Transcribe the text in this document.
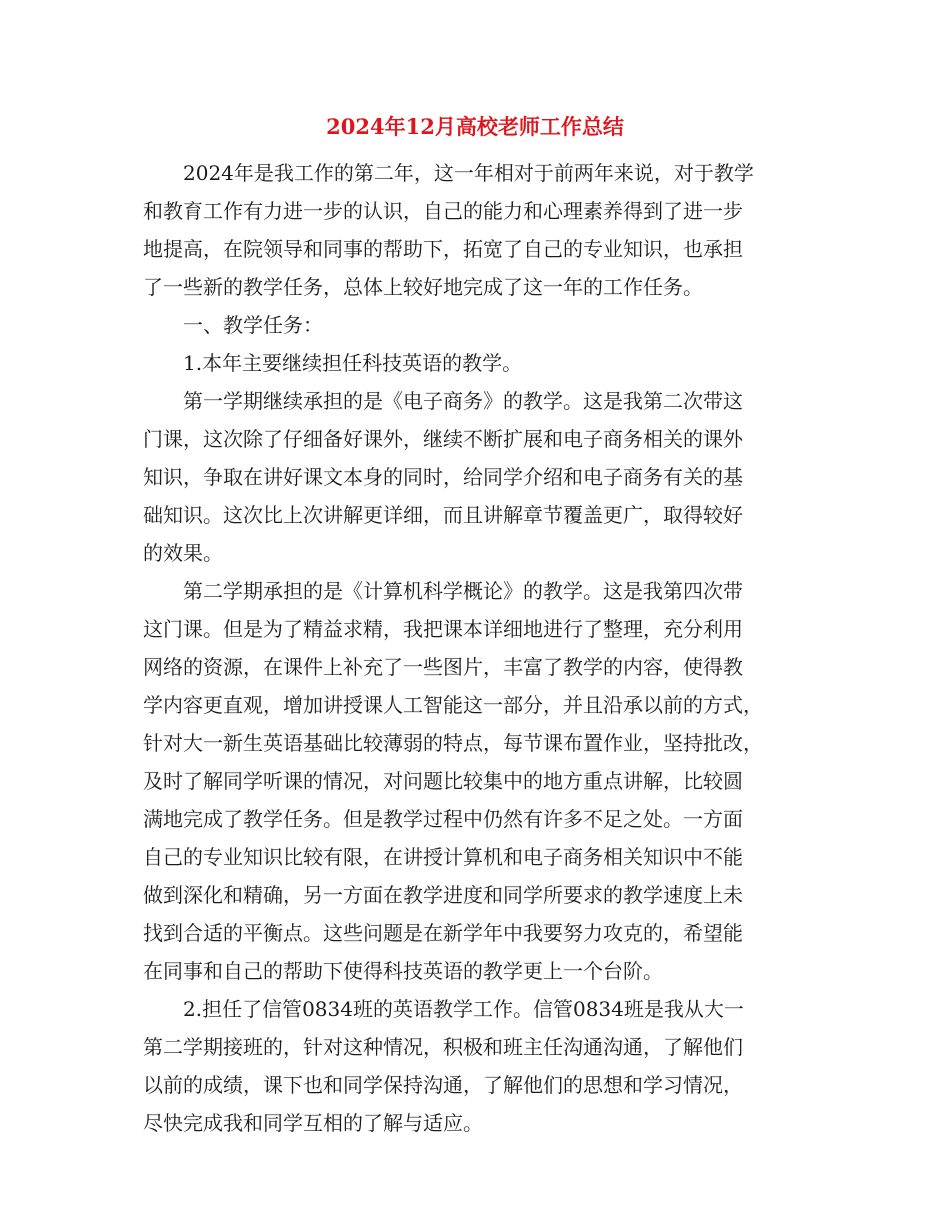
2024年12月高校老师工作总结
2024年是我工作的第二年，这一年相对于前两年来说，对于教学
和教育工作有力进一步的认识，自己的能力和心理素养得到了进一步
地提高，在院领导和同事的帮助下，拓宽了自己的专业知识，也承担
了一些新的教学任务，总体上较好地完成了这一年的工作任务。
一、教学任务：
1.本年主要继续担任科技英语的教学。
第一学期继续承担的是《电子商务》的教学。这是我第二次带这
门课，这次除了仔细备好课外，继续不断扩展和电子商务相关的课外
知识，争取在讲好课文本身的同时，给同学介绍和电子商务有关的基
础知识。这次比上次讲解更详细，而且讲解章节覆盖更广，取得较好
的效果。
第二学期承担的是《计算机科学概论》的教学。这是我第四次带
这门课。但是为了精益求精，我把课本详细地进行了整理，充分利用
网络的资源，在课件上补充了一些图片，丰富了教学的内容，使得教
学内容更直观，增加讲授课人工智能这一部分，并且沿承以前的方式，
针对大一新生英语基础比较薄弱的特点，每节课布置作业，坚持批改，
及时了解同学听课的情况，对问题比较集中的地方重点讲解，比较圆
满地完成了教学任务。但是教学过程中仍然有许多不足之处。一方面
自己的专业知识比较有限，在讲授计算机和电子商务相关知识中不能
做到深化和精确，另一方面在教学进度和同学所要求的教学速度上未
找到合适的平衡点。这些问题是在新学年中我要努力攻克的，希望能
在同事和自己的帮助下使得科技英语的教学更上一个台阶。
2.担任了信管0834班的英语教学工作。信管0834班是我从大一
第二学期接班的，针对这种情况，积极和班主任沟通沟通，了解他们
以前的成绩，课下也和同学保持沟通，了解他们的思想和学习情况，
尽快完成我和同学互相的了解与适应。
